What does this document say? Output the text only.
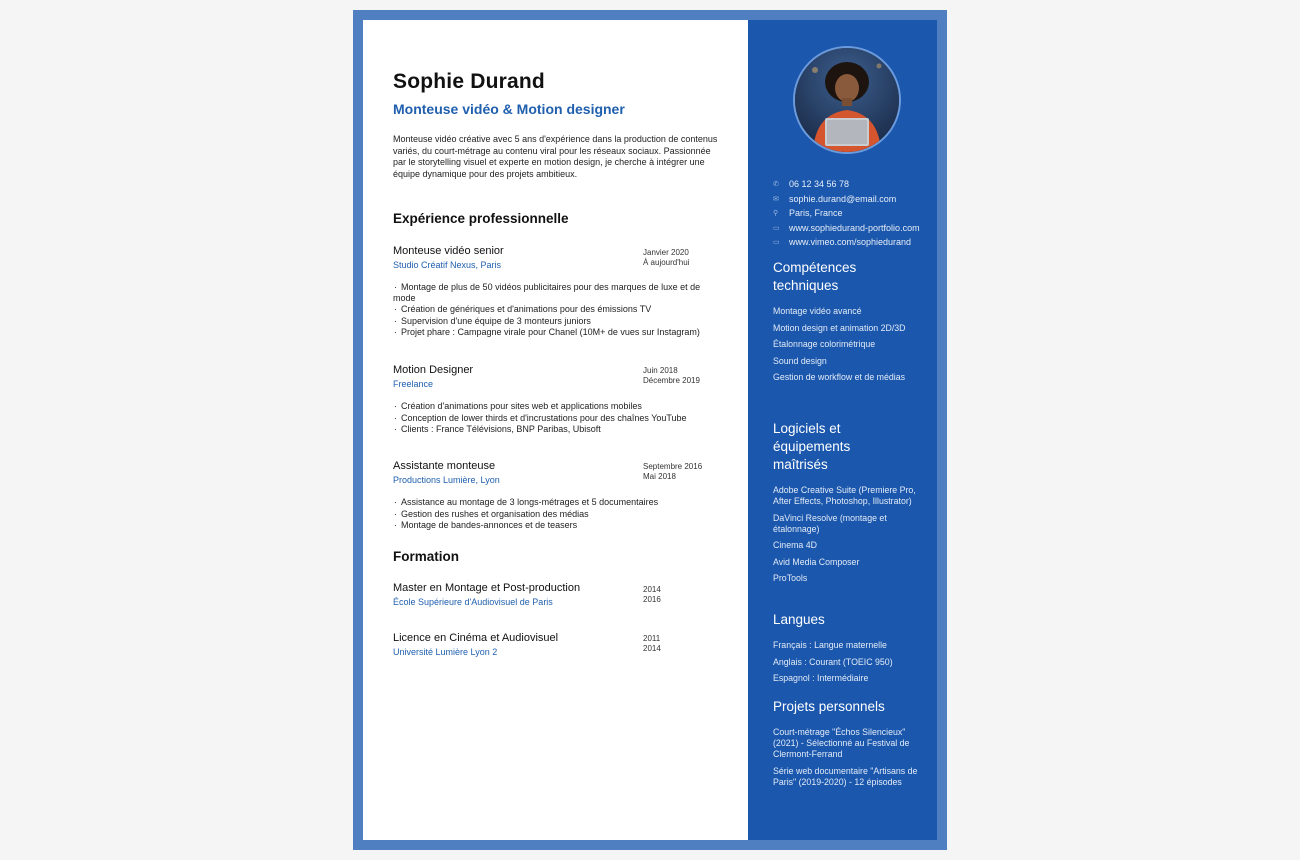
Sophie Durand
Monteuse vidéo & Motion designer

Monteuse vidéo créative avec 5 ans d'expérience dans la production de contenus variés, du court-métrage au contenu viral pour les réseaux sociaux. Passionnée par le storytelling visuel et experte en motion design, je cherche à intégrer une équipe dynamique pour des projets ambitieux.

Expérience professionnelle

Monteuse vidéo senior

Studio Créatif Nexus, Paris

Janvier 2020
À aujourd'hui

· Montage de plus de 50 vidéos publicitaires pour des marques de luxe et de mode
· Création de génériques et d'animations pour des émissions TV
· Supervision d'une équipe de 3 monteurs juniors
· Projet phare : Campagne virale pour Chanel (10M+ de vues sur Instagram)

Motion Designer

Freelance

Juin 2018
Décembre 2019

· Création d'animations pour sites web et applications mobiles
· Conception de lower thirds et d'incrustations pour des chaînes YouTube
· Clients : France Télévisions, BNP Paribas, Ubisoft

Assistante monteuse

Productions Lumière, Lyon

Septembre 2016
Mai 2018

· Assistance au montage de 3 longs-métrages et 5 documentaires
· Gestion des rushes et organisation des médias
· Montage de bandes-annonces et de teasers
Formation

Master en Montage et Post-production

École Supérieure d'Audiovisuel de Paris

2014
2016

Licence en Cinéma et Audiovisuel

Université Lumière Lyon 2

2011
2014

✆	06 12 34 56 78
✉	sophie.durand@email.com
⚲	Paris, France
▭	www.sophiedurand-portfolio.com
▭	www.vimeo.com/sophiedurand
Compétences techniques
Montage vidéo avancé
Motion design et animation 2D/3D
Étalonnage colorimétrique
Sound design
Gestion de workflow et de médias
Logiciels et équipements maîtrisés
Adobe Creative Suite (Premiere Pro, After Effects, Photoshop, Illustrator)
DaVinci Resolve (montage et étalonnage)
Cinema 4D
Avid Media Composer
ProTools
Langues
Français : Langue maternelle
Anglais : Courant (TOEIC 950)
Espagnol : Intermédiaire
Projets personnels
Court-métrage "Échos Silencieux" (2021) - Sélectionné au Festival de Clermont-Ferrand
Série web documentaire "Artisans de Paris" (2019-2020) - 12 épisodes
